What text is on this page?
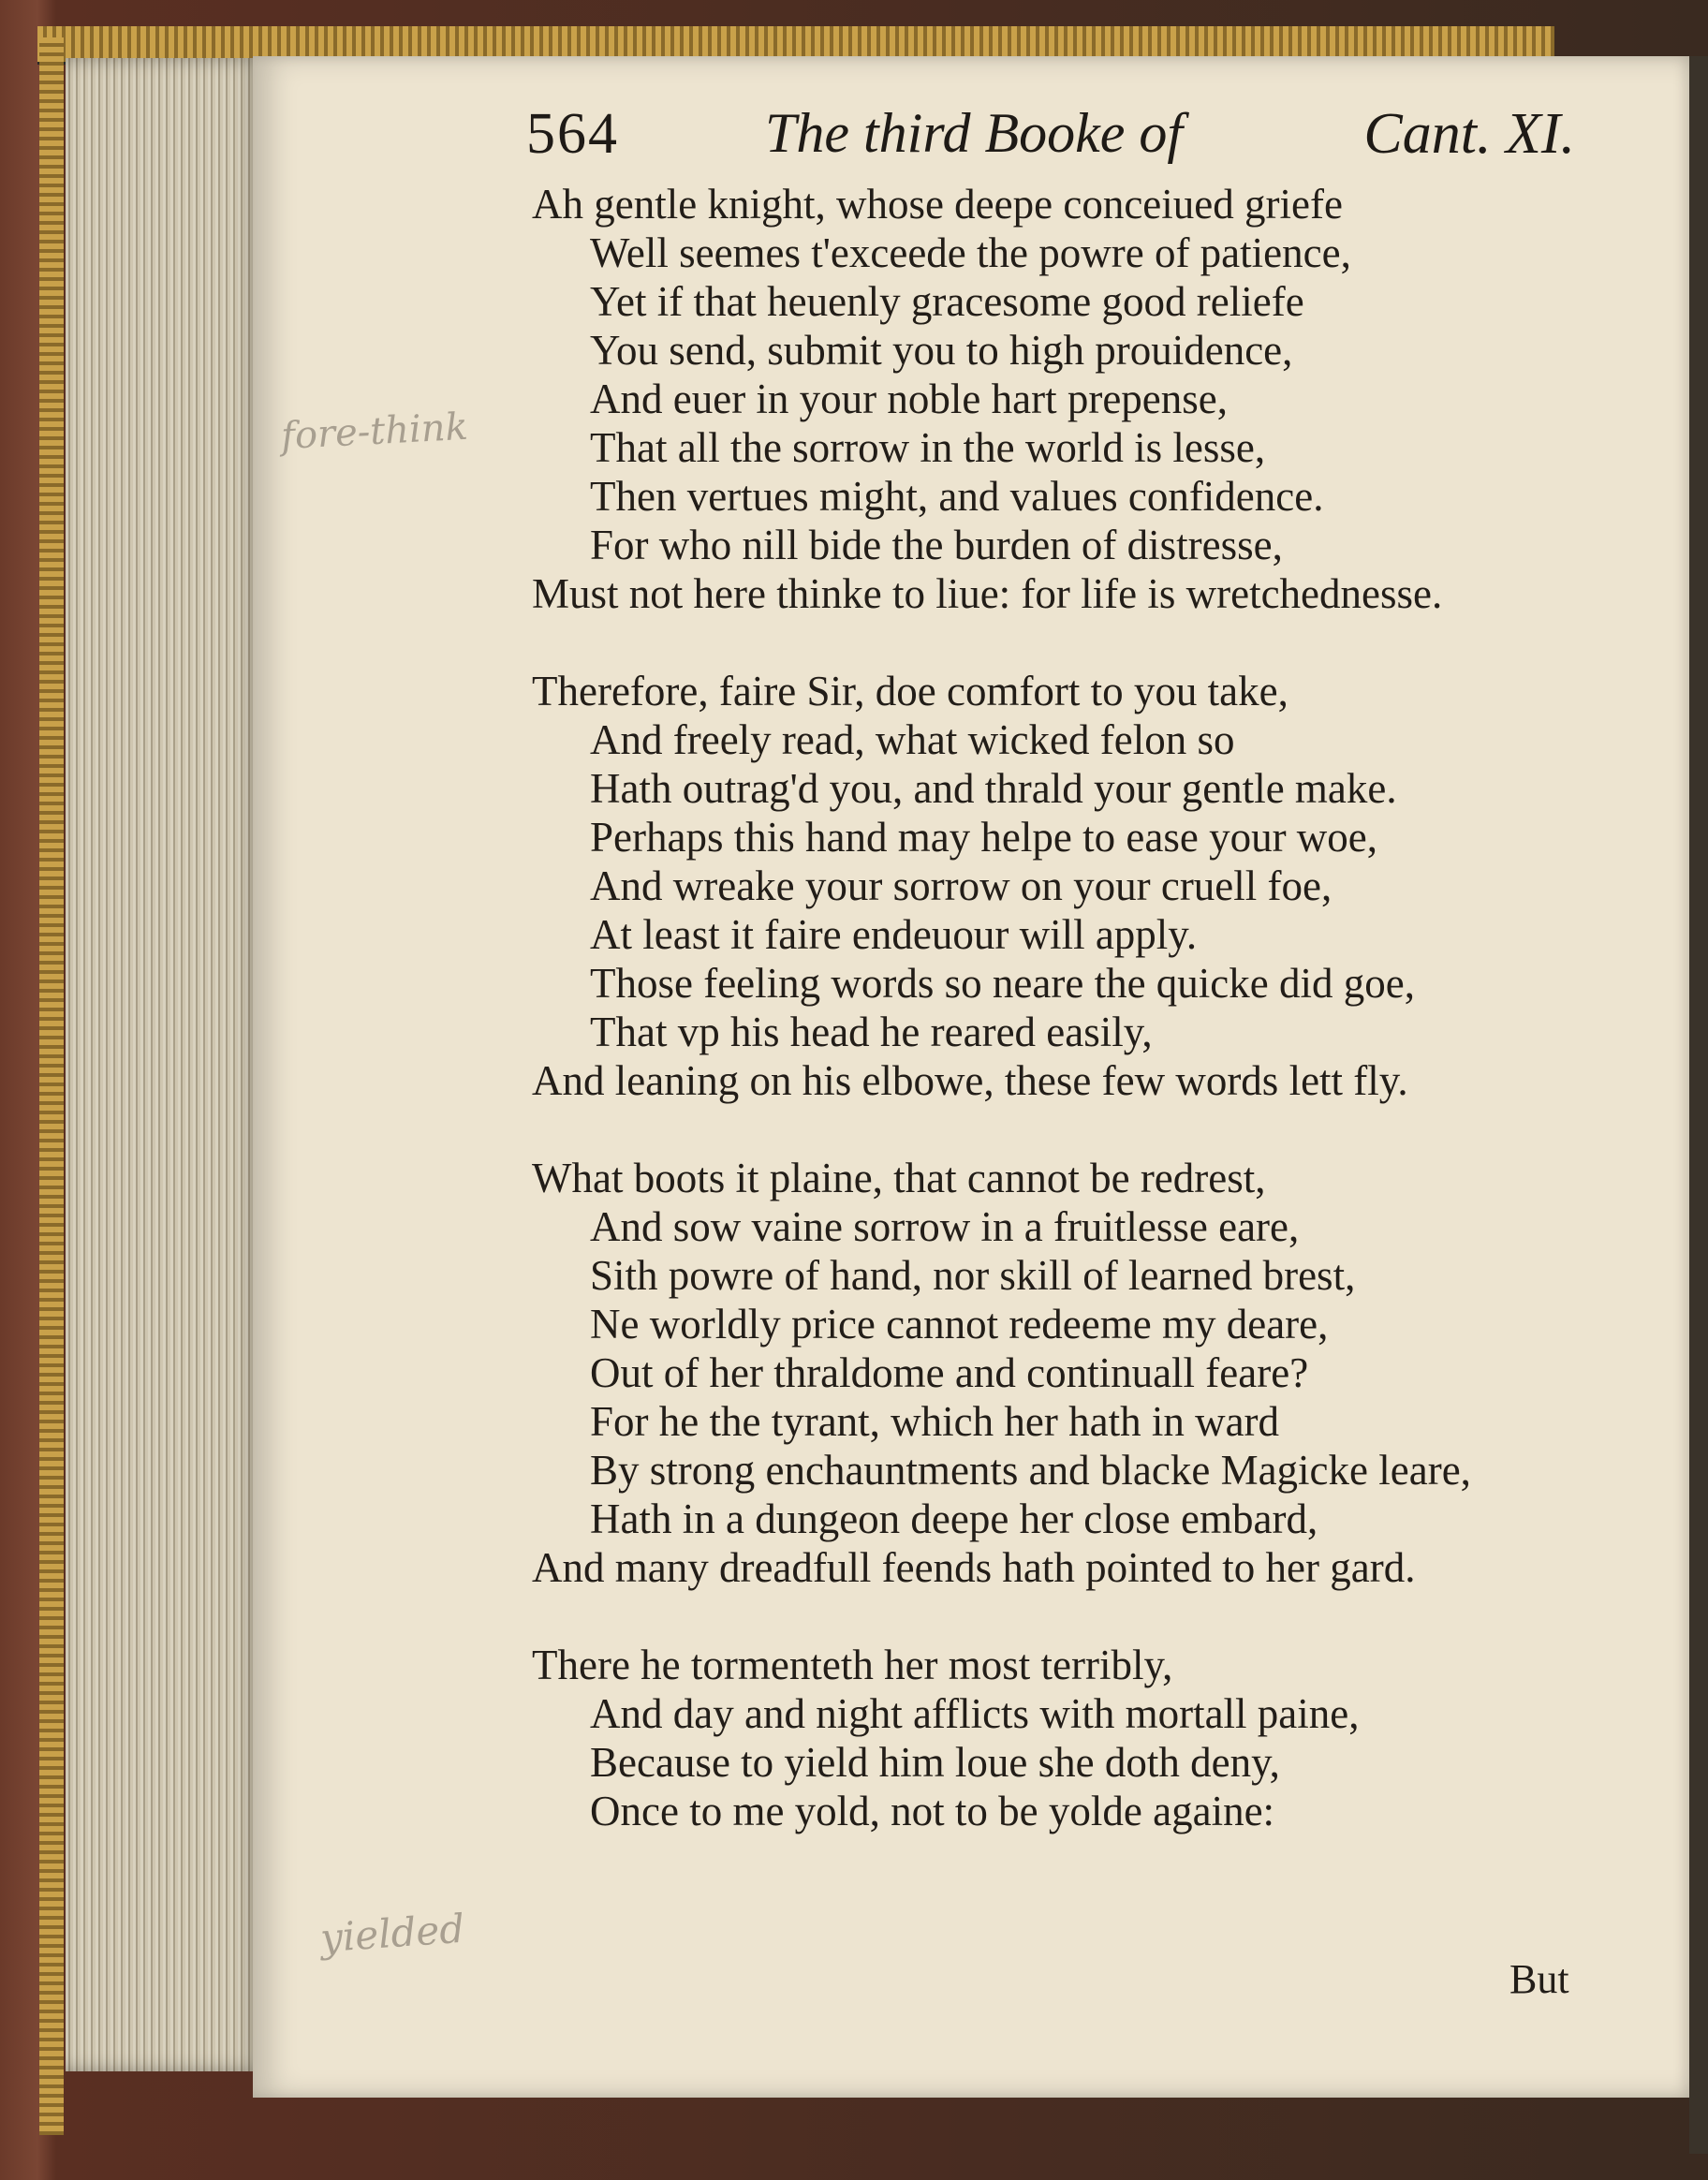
564	The third Booke of	Cant. XI.
fore-think
yielded
Ah gentle knight, whose deepe conceiued griefe
Well seemes t'exceede the powre of patience,
Yet if that heuenly gracesome good reliefe
You send, submit you to high prouidence,
And euer in your noble hart prepense,
That all the sorrow in the world is lesse,
Then vertues might, and values confidence.
For who nill bide the burden of distresse,
Must not here thinke to liue: for life is wretchednesse.
Therefore, faire Sir, doe comfort to you take,
And freely read, what wicked felon so
Hath outrag'd you, and thrald your gentle make.
Perhaps this hand may helpe to ease your woe,
And wreake your sorrow on your cruell foe,
At least it faire endeuour will apply.
Those feeling words so neare the quicke did goe,
That vp his head he reared easily,
And leaning on his elbowe, these few words lett fly.
What boots it plaine, that cannot be redrest,
And sow vaine sorrow in a fruitlesse eare,
Sith powre of hand, nor skill of learned brest,
Ne worldly price cannot redeeme my deare,
Out of her thraldome and continuall feare?
For he the tyrant, which her hath in ward
By strong enchauntments and blacke Magicke leare,
Hath in a dungeon deepe her close embard,
And many dreadfull feends hath pointed to her gard.
There he tormenteth her most terribly,
And day and night afflicts with mortall paine,
Because to yield him loue she doth deny,
Once to me yold, not to be yolde againe:
But
